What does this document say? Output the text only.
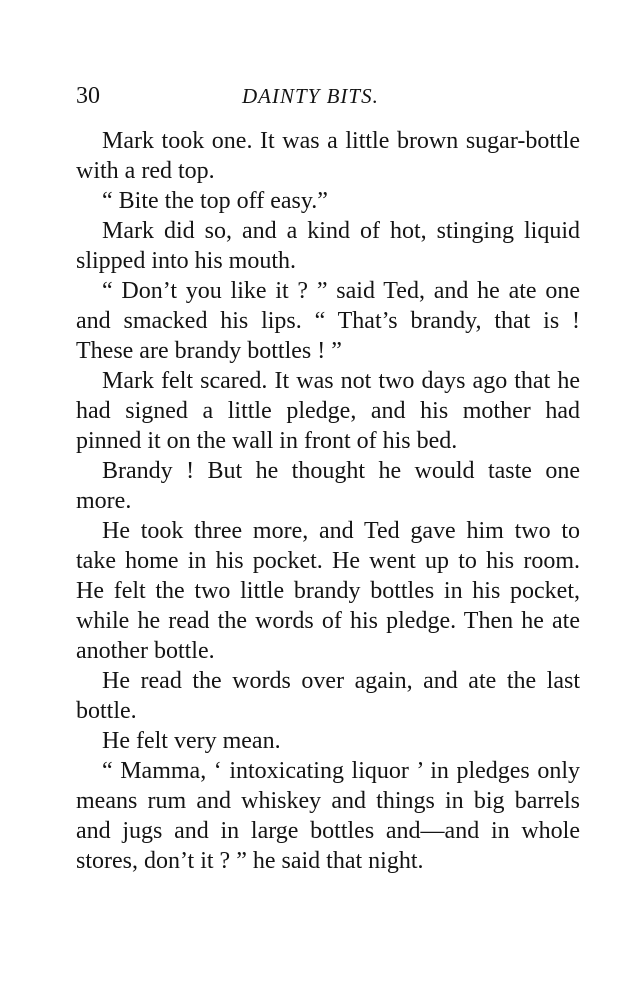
30	DAINTY BITS.

Mark took one. It was a little brown sugar-bottle with a red top.

“ Bite the top off easy.”

Mark did so, and a kind of hot, stinging liquid slipped into his mouth.

“ Don’t you like it ? ” said Ted, and he ate one and smacked his lips. “ That’s brandy, that is ! These are brandy bottles ! ”

Mark felt scared. It was not two days ago that he had signed a little pledge, and his mother had pinned it on the wall in front of his bed.

Brandy ! But he thought he would taste one more.

He took three more, and Ted gave him two to take home in his pocket. He went up to his room. He felt the two little brandy bottles in his pocket, while he read the words of his pledge. Then he ate another bottle.

He read the words over again, and ate the last bottle.

He felt very mean.

“ Mamma, ‘ intoxicating liquor ’ in pledges only means rum and whiskey and things in big barrels and jugs and in large bottles and—and in whole stores, don’t it ? ” he said that night.
